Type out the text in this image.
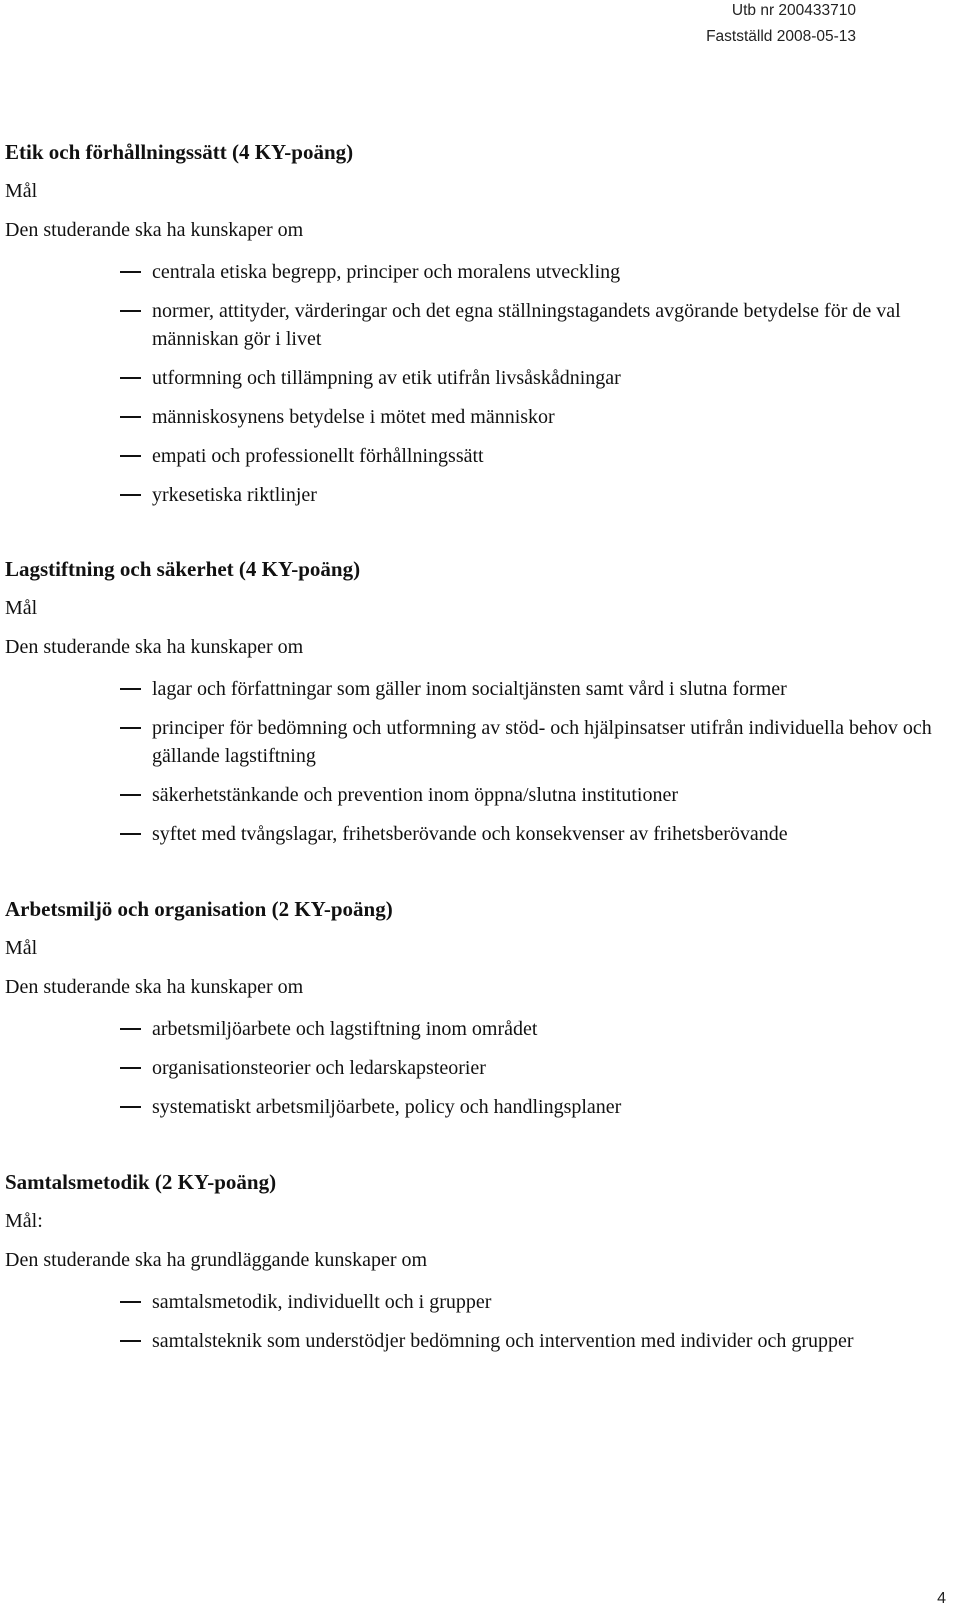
Utb nr 200433710
Fastställd 2008-05-13
Etik och förhållningssätt (4 KY-poäng)
Mål
Den studerande ska ha kunskaper om
centrala etiska begrepp, principer och moralens utveckling
normer, attityder, värderingar och det egna ställningstagandets avgörande betydelse för de val människan gör i livet
utformning och tillämpning av etik utifrån livsåskådningar
människosynens betydelse i mötet med människor
empati och professionellt förhållningssätt
yrkesetiska riktlinjer
Lagstiftning och säkerhet (4 KY-poäng)
Mål
Den studerande ska ha kunskaper om
lagar och författningar som gäller inom socialtjänsten samt vård i slutna former
principer för bedömning och utformning av stöd- och hjälpinsatser utifrån individuella behov och gällande lagstiftning
säkerhetstänkande och prevention inom öppna/slutna institutioner
syftet med tvångslagar, frihetsberövande och konsekvenser av frihetsberövande
Arbetsmiljö och organisation (2 KY-poäng)
Mål
Den studerande ska ha kunskaper om
arbetsmiljöarbete och lagstiftning inom området
organisationsteorier och ledarskapsteorier
systematiskt arbetsmiljöarbete, policy och handlingsplaner
Samtalsmetodik (2 KY-poäng)
Mål:
Den studerande ska ha grundläggande kunskaper om
samtalsmetodik, individuellt och i grupper
samtalsteknik som understödjer bedömning och intervention med individer och grupper
4
